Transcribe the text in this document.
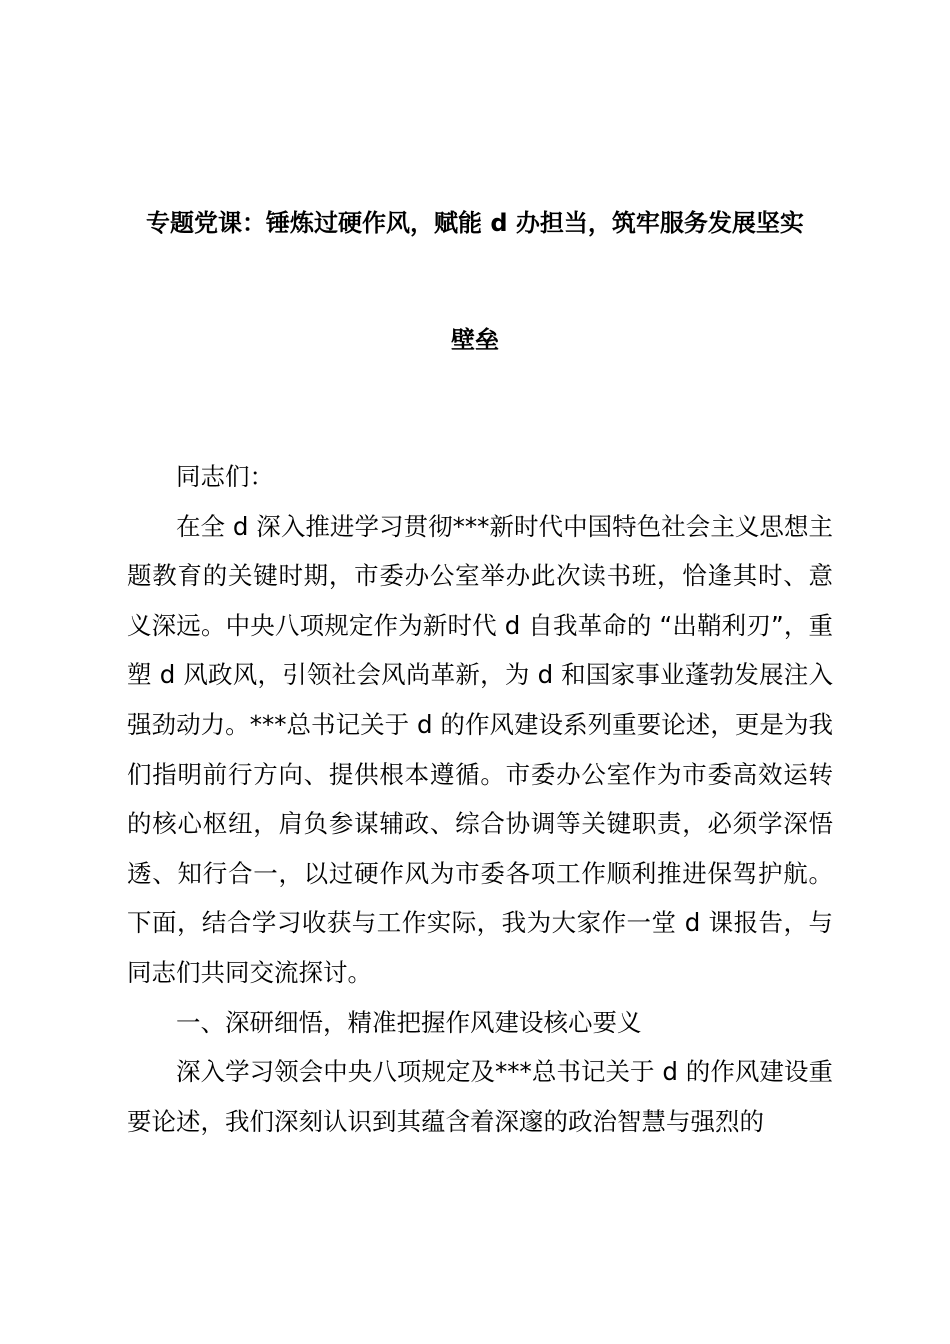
专题党课：锤炼过硬作风，赋能 d 办担当，筑牢服务发展坚实
壁垒

同志们：

在全 d 深入推进学习贯彻***新时代中国特色社会主义思想主题教育的关键时期，市委办公室举办此次读书班，恰逢其时、意义深远。中央八项规定作为新时代 d 自我革命的 “出鞘利刃”，重塑 d 风政风，引领社会风尚革新，为 d 和国家事业蓬勃发展注入强劲动力。***总书记关于 d 的作风建设系列重要论述，更是为我们指明前行方向、提供根本遵循。市委办公室作为市委高效运转的核心枢纽，肩负参谋辅政、综合协调等关键职责，必须学深悟透、知行合一，以过硬作风为市委各项工作顺利推进保驾护航。下面，结合学习收获与工作实际，我为大家作一堂 d 课报告，与同志们共同交流探讨。

一、深研细悟，精准把握作风建设核心要义

深入学习领会中央八项规定及***总书记关于 d 的作风建设重要论述，我们深刻认识到其蕴含着深邃的政治智慧与强烈的
